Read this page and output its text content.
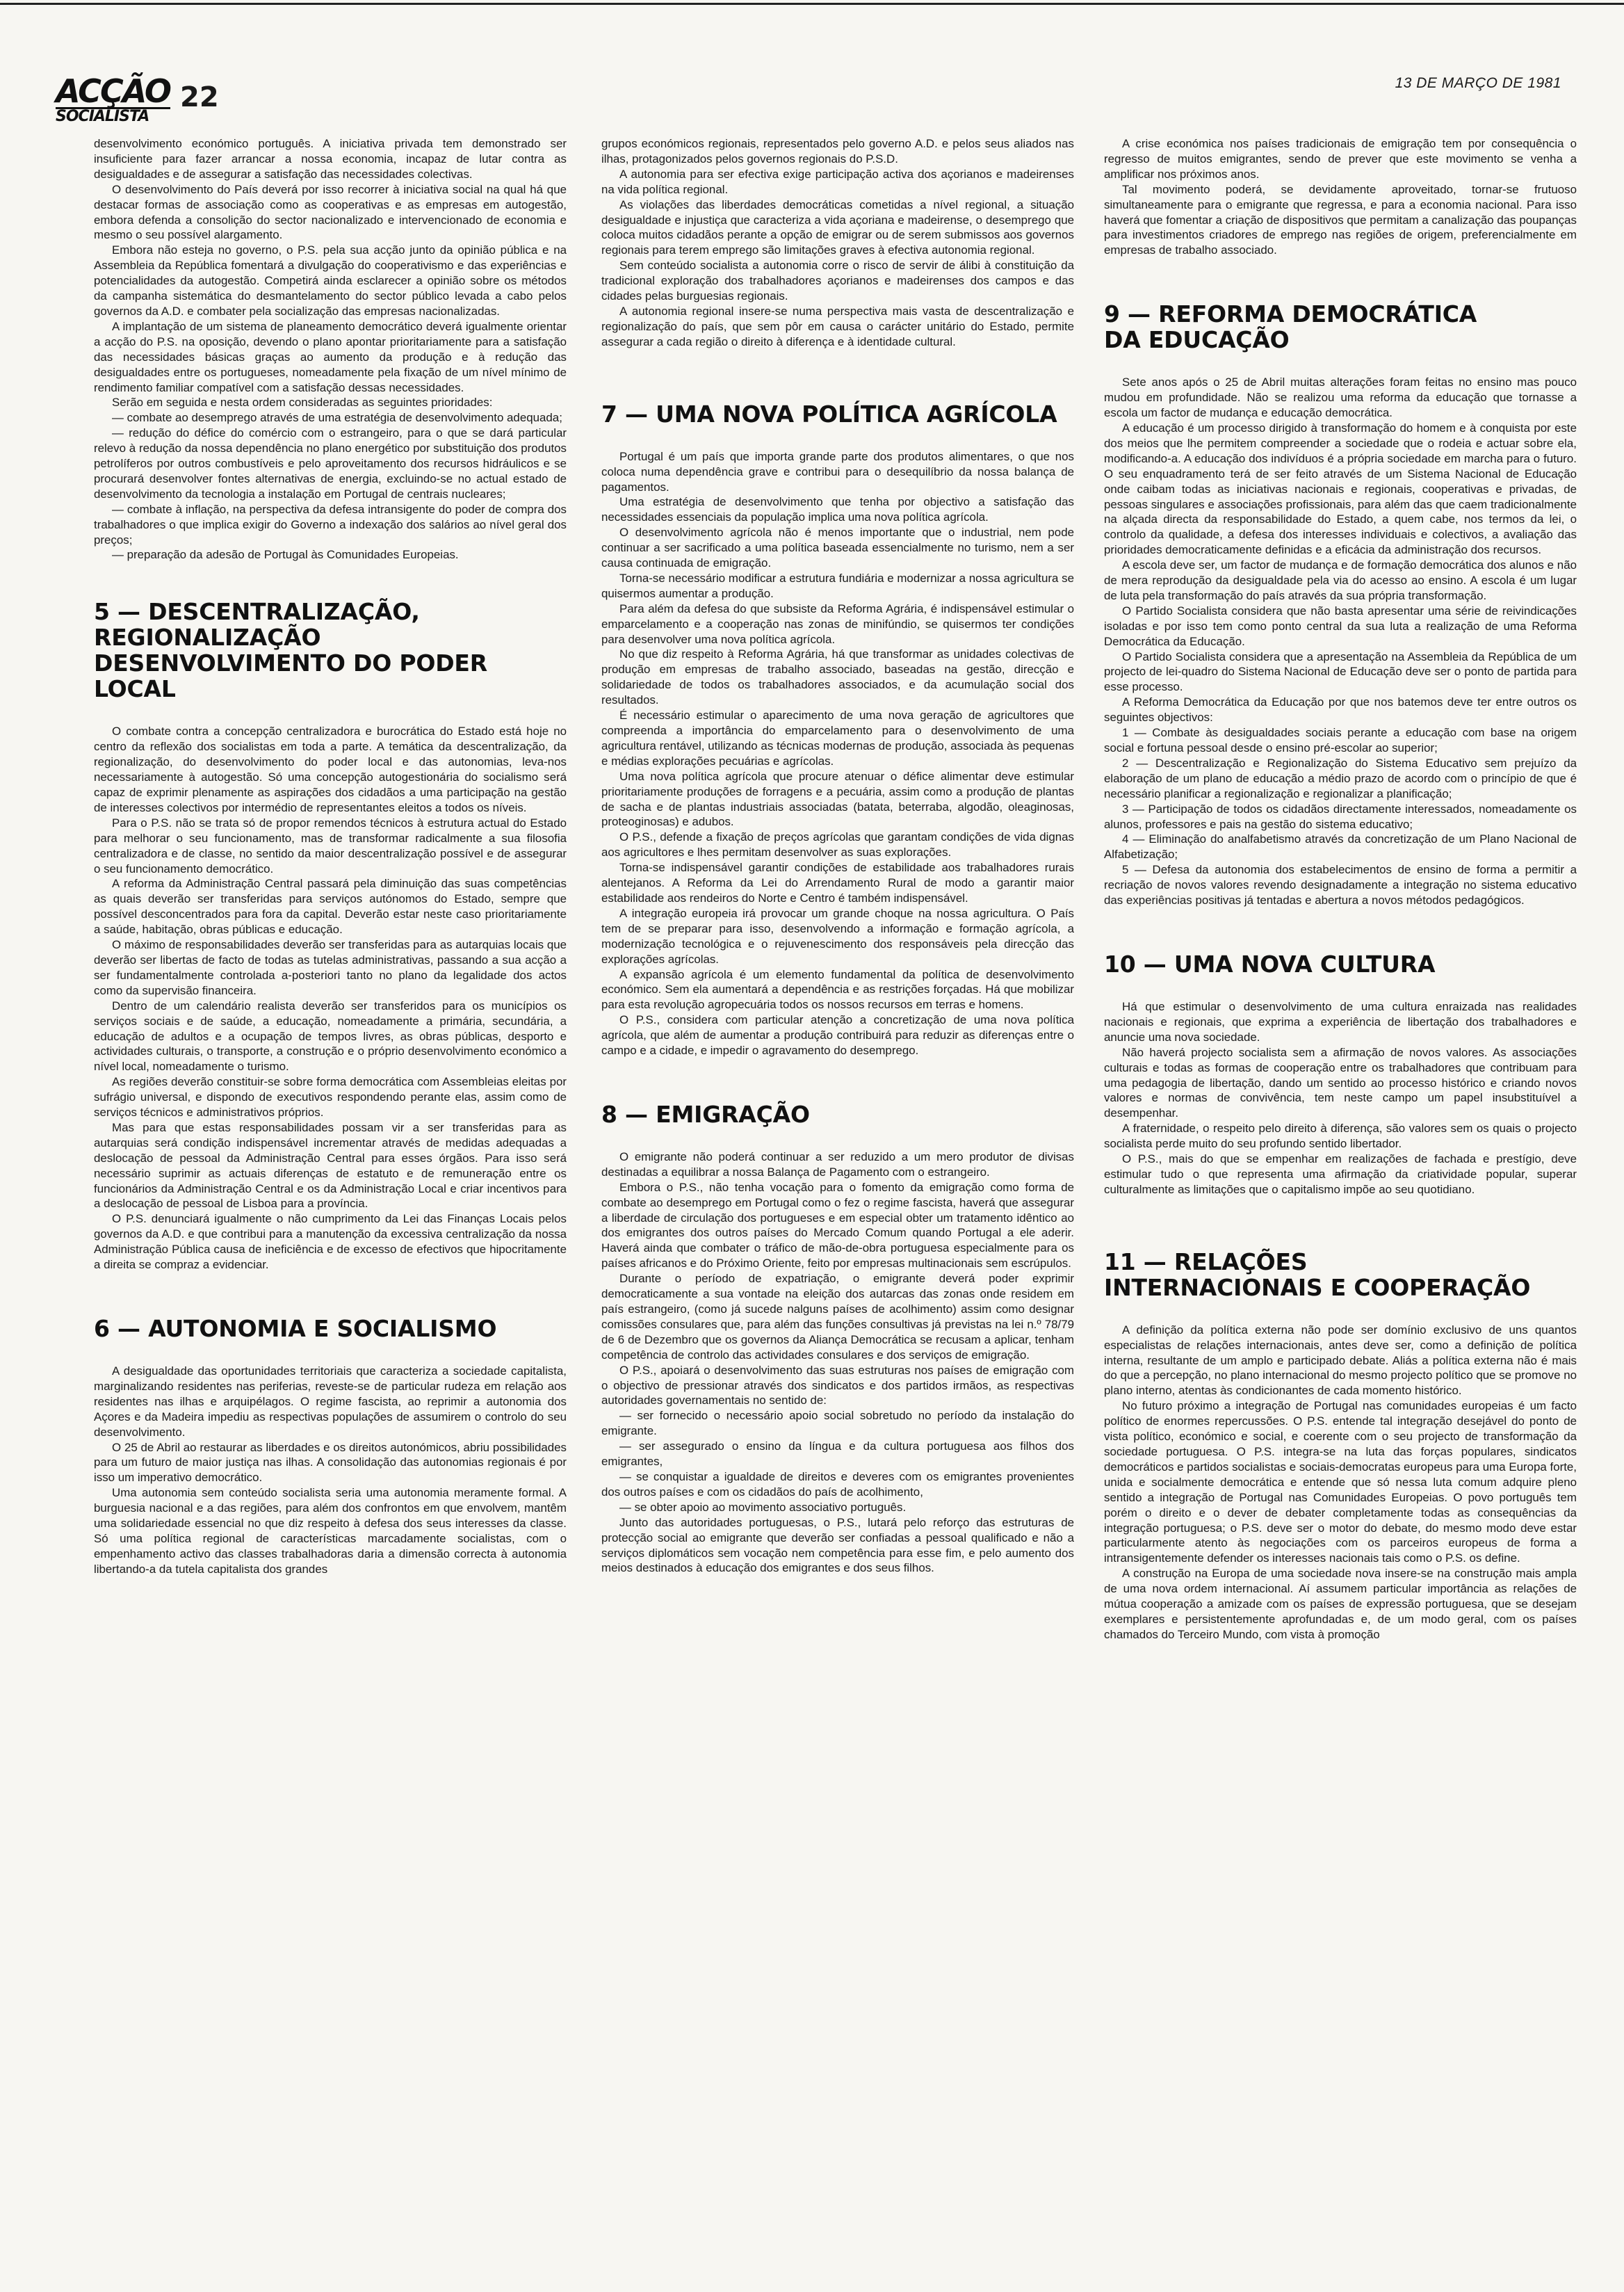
ACÇÃO
SOCIALISTA
22	13 DE MARÇO DE 1981

desenvolvimento económico português. A iniciativa privada tem demonstrado ser insuficiente para fazer arrancar a nossa economia, incapaz de lutar contra as desigualdades e de assegurar a satisfação das necessidades colectivas.

O desenvolvimento do País deverá por isso recorrer à iniciativa social na qual há que destacar formas de associação como as cooperativas e as empresas em autogestão, embora defenda a consolição do sector nacionalizado e intervencionado de economia e mesmo o seu possível alargamento.

Embora não esteja no governo, o P.S. pela sua acção junto da opinião pública e na Assembleia da República fomentará a divulgação do cooperativismo e das experiências e potencialidades da autogestão. Competirá ainda esclarecer a opinião sobre os métodos da campanha sistemática do desmantelamento do sector público levada a cabo pelos governos da A.D. e combater pela socialização das empresas nacionalizadas.

A implantação de um sistema de planeamento democrático deverá igualmente orientar a acção do P.S. na oposição, devendo o plano apontar prioritariamente para a satisfação das necessidades básicas graças ao aumento da produção e à redução das desigualdades entre os portugueses, nomeadamente pela fixação de um nível mínimo de rendimento familiar compatível com a satisfação dessas necessidades.

Serão em seguida e nesta ordem consideradas as seguintes prioridades:

— combate ao desemprego através de uma estratégia de desenvolvimento adequada;

— redução do défice do comércio com o estrangeiro, para o que se dará particular relevo à redução da nossa dependência no plano energético por substituição dos produtos petrolíferos por outros combustíveis e pelo aproveitamento dos recursos hidráulicos e se procurará desenvolver fontes alternativas de energia, excluindo-se no actual estado de desenvolvimento da tecnologia a instalação em Portugal de centrais nucleares;

— combate à inflação, na perspectiva da defesa intransigente do poder de compra dos trabalhadores o que implica exigir do Governo a indexação dos salários ao nível geral dos preços;

— preparação da adesão de Portugal às Comunidades Europeias.

5 — DESCENTRALIZAÇÃO,
REGIONALIZAÇÃO
DESENVOLVIMENTO DO PODER LOCAL

O combate contra a concepção centralizadora e burocrática do Estado está hoje no centro da reflexão dos socialistas em toda a parte. A temática da descentralização, da regionalização, do desenvolvimento do poder local e das autonomias, leva-nos necessariamente à autogestão. Só uma concepção autogestionária do socialismo será capaz de exprimir plenamente as aspirações dos cidadãos a uma participação na gestão de interesses colectivos por intermédio de representantes eleitos a todos os níveis.

Para o P.S. não se trata só de propor remendos técnicos à estrutura actual do Estado para melhorar o seu funcionamento, mas de transformar radicalmente a sua filosofia centralizadora e de classe, no sentido da maior descentralização possível e de assegurar o seu funcionamento democrático.

A reforma da Administração Central passará pela diminuição das suas competências as quais deverão ser transferidas para serviços autónomos do Estado, sempre que possível desconcentrados para fora da capital. Deverão estar neste caso prioritariamente a saúde, habitação, obras públicas e educação.

O máximo de responsabilidades deverão ser transferidas para as autarquias locais que deverão ser libertas de facto de todas as tutelas administrativas, passando a sua acção a ser fundamentalmente controlada a-posteriori tanto no plano da legalidade dos actos como da supervisão financeira.

Dentro de um calendário realista deverão ser transferidos para os municípios os serviços sociais e de saúde, a educação, nomeadamente a primária, secundária, a educação de adultos e a ocupação de tempos livres, as obras públicas, desporto e actividades culturais, o transporte, a construção e o próprio desenvolvimento económico a nível local, nomeadamente o turismo.

As regiões deverão constituir-se sobre forma democrática com Assembleias eleitas por sufrágio universal, e dispondo de executivos respondendo perante elas, assim como de serviços técnicos e administrativos próprios.

Mas para que estas responsabilidades possam vir a ser transferidas para as autarquias será condição indispensável incrementar através de medidas adequadas a deslocação de pessoal da Administração Central para esses órgãos. Para isso será necessário suprimir as actuais diferenças de estatuto e de remuneração entre os funcionários da Administração Central e os da Administração Local e criar incentivos para a deslocação de pessoal de Lisboa para a província.

O P.S. denunciará igualmente o não cumprimento da Lei das Finanças Locais pelos governos da A.D. e que contribui para a manutenção da excessiva centralização da nossa Administração Pública causa de ineficiência e de excesso de efectivos que hipocritamente a direita se compraz a evidenciar.

6 — AUTONOMIA E SOCIALISMO

A desigualdade das oportunidades territoriais que caracteriza a sociedade capitalista, marginalizando residentes nas periferias, reveste-se de particular rudeza em relação aos residentes nas ilhas e arquipélagos. O regime fascista, ao reprimir a autonomia dos Açores e da Madeira impediu as respectivas populações de assumirem o controlo do seu desenvolvimento.

O 25 de Abril ao restaurar as liberdades e os direitos autonómicos, abriu possibilidades para um futuro de maior justiça nas ilhas. A consolidação das autonomias regionais é por isso um imperativo democrático.

Uma autonomia sem conteúdo socialista seria uma autonomia meramente formal. A burguesia nacional e a das regiões, para além dos confrontos em que envolvem, mantêm uma solidariedade essencial no que diz respeito à defesa dos seus interesses da classe. Só uma política regional de características marcadamente socialistas, com o empenhamento activo das classes trabalhadoras daria a dimensão correcta à autonomia libertando-a da tutela capitalista dos grandes

grupos económicos regionais, representados pelo governo A.D. e pelos seus aliados nas ilhas, protagonizados pelos governos regionais do P.S.D.

A autonomia para ser efectiva exige participação activa dos açorianos e madeirenses na vida política regional.

As violações das liberdades democráticas cometidas a nível regional, a situação desigualdade e injustiça que caracteriza a vida açoriana e madeirense, o desemprego que coloca muitos cidadãos perante a opção de emigrar ou de serem submissos aos governos regionais para terem emprego são limitações graves à efectiva autonomia regional.

Sem conteúdo socialista a autonomia corre o risco de servir de álibi à constituição da tradicional exploração dos trabalhadores açorianos e madeirenses dos campos e das cidades pelas burguesias regionais.

A autonomia regional insere-se numa perspectiva mais vasta de descentralização e regionalização do país, que sem pôr em causa o carácter unitário do Estado, permite assegurar a cada região o direito à diferença e à identidade cultural.

7 — UMA NOVA POLÍTICA AGRÍCOLA

Portugal é um país que importa grande parte dos produtos alimentares, o que nos coloca numa dependência grave e contribui para o desequilíbrio da nossa balança de pagamentos.

Uma estratégia de desenvolvimento que tenha por objectivo a satisfação das necessidades essenciais da população implica uma nova política agrícola.

O desenvolvimento agrícola não é menos importante que o industrial, nem pode continuar a ser sacrificado a uma política baseada essencialmente no turismo, nem a ser causa continuada de emigração.

Torna-se necessário modificar a estrutura fundiária e modernizar a nossa agricultura se quisermos aumentar a produção.

Para além da defesa do que subsiste da Reforma Agrária, é indispensável estimular o emparcelamento e a cooperação nas zonas de minifúndio, se quisermos ter condições para desenvolver uma nova política agrícola.

No que diz respeito à Reforma Agrária, há que transformar as unidades colectivas de produção em empresas de trabalho associado, baseadas na gestão, direcção e solidariedade de todos os trabalhadores associados, e da acumulação social dos resultados.

É necessário estimular o aparecimento de uma nova geração de agricultores que compreenda a importância do emparcelamento para o desenvolvimento de uma agricultura rentável, utilizando as técnicas modernas de produção, associada às pequenas e médias explorações pecuárias e agrícolas.

Uma nova política agrícola que procure atenuar o défice alimentar deve estimular prioritariamente produções de forragens e a pecuária, assim como a produção de plantas de sacha e de plantas industriais associadas (batata, beterraba, algodão, oleaginosas, proteoginosas) e adubos.

O P.S., defende a fixação de preços agrícolas que garantam condições de vida dignas aos agricultores e lhes permitam desenvolver as suas explorações.

Torna-se indispensável garantir condições de estabilidade aos trabalhadores rurais alentejanos. A Reforma da Lei do Arrendamento Rural de modo a garantir maior estabilidade aos rendeiros do Norte e Centro é também indispensável.

A integração europeia irá provocar um grande choque na nossa agricultura. O País tem de se preparar para isso, desenvolvendo a informação e formação agrícola, a modernização tecnológica e o rejuvenescimento dos responsáveis pela direcção das explorações agrícolas.

A expansão agrícola é um elemento fundamental da política de desenvolvimento económico. Sem ela aumentará a dependência e as restrições forçadas. Há que mobilizar para esta revolução agropecuária todos os nossos recursos em terras e homens.

O P.S., considera com particular atenção a concretização de uma nova política agrícola, que além de aumentar a produção contribuirá para reduzir as diferenças entre o campo e a cidade, e impedir o agravamento do desemprego.

8 — EMIGRAÇÃO

O emigrante não poderá continuar a ser reduzido a um mero produtor de divisas destinadas a equilibrar a nossa Balança de Pagamento com o estrangeiro.

Embora o P.S., não tenha vocação para o fomento da emigração como forma de combate ao desemprego em Portugal como o fez o regime fascista, haverá que assegurar a liberdade de circulação dos portugueses e em especial obter um tratamento idêntico ao dos emigrantes dos outros países do Mercado Comum quando Portugal a ele aderir. Haverá ainda que combater o tráfico de mão-de-obra portuguesa especialmente para os países africanos e do Próximo Oriente, feito por empresas multinacionais sem escrúpulos.

Durante o período de expatriação, o emigrante deverá poder exprimir democraticamente a sua vontade na eleição dos autarcas das zonas onde residem em país estrangeiro, (como já sucede nalguns países de acolhimento) assim como designar comissões consulares que, para além das funções consultivas já previstas na lei n.º 78/79 de 6 de Dezembro que os governos da Aliança Democrática se recusam a aplicar, tenham competência de controlo das actividades consulares e dos serviços de emigração.

O P.S., apoiará o desenvolvimento das suas estruturas nos países de emigração com o objectivo de pressionar através dos sindicatos e dos partidos irmãos, as respectivas autoridades governamentais no sentido de:

— ser fornecido o necessário apoio social sobretudo no período da instalação do emigrante.

— ser assegurado o ensino da língua e da cultura portuguesa aos filhos dos emigrantes,

— se conquistar a igualdade de direitos e deveres com os emigrantes provenientes dos outros países e com os cidadãos do país de acolhimento,

— se obter apoio ao movimento associativo português.

Junto das autoridades portuguesas, o P.S., lutará pelo reforço das estruturas de protecção social ao emigrante que deverão ser confiadas a pessoal qualificado e não a serviços diplomáticos sem vocação nem competência para esse fim, e pelo aumento dos meios destinados à educação dos emigrantes e dos seus filhos.

A crise económica nos países tradicionais de emigração tem por consequência o regresso de muitos emigrantes, sendo de prever que este movimento se venha a amplificar nos próximos anos.

Tal movimento poderá, se devidamente aproveitado, tornar-se frutuoso simultaneamente para o emigrante que regressa, e para a economia nacional. Para isso haverá que fomentar a criação de dispositivos que permitam a canalização das poupanças para investimentos criadores de emprego nas regiões de origem, preferencialmente em empresas de trabalho associado.

9 — REFORMA DEMOCRÁTICA
DA EDUCAÇÃO

Sete anos após o 25 de Abril muitas alterações foram feitas no ensino mas pouco mudou em profundidade. Não se realizou uma reforma da educação que tornasse a escola um factor de mudança e educação democrática.

A educação é um processo dirigido à transformação do homem e à conquista por este dos meios que lhe permitem compreender a sociedade que o rodeia e actuar sobre ela, modificando-a. A educação dos indivíduos é a própria sociedade em marcha para o futuro. O seu enquadramento terá de ser feito através de um Sistema Nacional de Educação onde caibam todas as iniciativas nacionais e regionais, cooperativas e privadas, de pessoas singulares e associações profissionais, para além das que caem tradicionalmente na alçada directa da responsabilidade do Estado, a quem cabe, nos termos da lei, o controlo da qualidade, a defesa dos interesses individuais e colectivos, a avaliação das prioridades democraticamente definidas e a eficácia da administração dos recursos.

A escola deve ser, um factor de mudança e de formação democrática dos alunos e não de mera reprodução da desigualdade pela via do acesso ao ensino. A escola é um lugar de luta pela transformação do país através da sua própria transformação.

O Partido Socialista considera que não basta apresentar uma série de reivindicações isoladas e por isso tem como ponto central da sua luta a realização de uma Reforma Democrática da Educação.

O Partido Socialista considera que a apresentação na Assembleia da República de um projecto de lei-quadro do Sistema Nacional de Educação deve ser o ponto de partida para esse processo.

A Reforma Democrática da Educação por que nos batemos deve ter entre outros os seguintes objectivos:

1 — Combate às desigualdades sociais perante a educação com base na origem social e fortuna pessoal desde o ensino pré-escolar ao superior;

2 — Descentralização e Regionalização do Sistema Educativo sem prejuízo da elaboração de um plano de educação a médio prazo de acordo com o princípio de que é necessário planificar a regionalização e regionalizar a planificação;

3 — Participação de todos os cidadãos directamente interessados, nomeadamente os alunos, professores e pais na gestão do sistema educativo;

4 — Eliminação do analfabetismo através da concretização de um Plano Nacional de Alfabetização;

5 — Defesa da autonomia dos estabelecimentos de ensino de forma a permitir a recriação de novos valores revendo designadamente a integração no sistema educativo das experiências positivas já tentadas e abertura a novos métodos pedagógicos.

10 — UMA NOVA CULTURA

Há que estimular o desenvolvimento de uma cultura enraizada nas realidades nacionais e regionais, que exprima a experiência de libertação dos trabalhadores e anuncie uma nova sociedade.

Não haverá projecto socialista sem a afirmação de novos valores. As associações culturais e todas as formas de cooperação entre os trabalhadores que contribuam para uma pedagogia de libertação, dando um sentido ao processo histórico e criando novos valores e normas de convivência, tem neste campo um papel insubstituível a desempenhar.

A fraternidade, o respeito pelo direito à diferença, são valores sem os quais o projecto socialista perde muito do seu profundo sentido libertador.

O P.S., mais do que se empenhar em realizações de fachada e prestígio, deve estimular tudo o que representa uma afirmação da criatividade popular, superar culturalmente as limitações que o capitalismo impõe ao seu quotidiano.

11 — RELAÇÕES
INTERNACIONAIS E COOPERAÇÃO

A definição da política externa não pode ser domínio exclusivo de uns quantos especialistas de relações internacionais, antes deve ser, como a definição de política interna, resultante de um amplo e participado debate. Aliás a política externa não é mais do que a percepção, no plano internacional do mesmo projecto político que se promove no plano interno, atentas às condicionantes de cada momento histórico.

No futuro próximo a integração de Portugal nas comunidades europeias é um facto político de enormes repercussões. O P.S. entende tal integração desejável do ponto de vista político, económico e social, e coerente com o seu projecto de transformação da sociedade portuguesa. O P.S. integra-se na luta das forças populares, sindicatos democráticos e partidos socialistas e sociais-democratas europeus para uma Europa forte, unida e socialmente democrática e entende que só nessa luta comum adquire pleno sentido a integração de Portugal nas Comunidades Europeias. O povo português tem porém o direito e o dever de debater completamente todas as consequências da integração portuguesa; o P.S. deve ser o motor do debate, do mesmo modo deve estar particularmente atento às negociações com os parceiros europeus de forma a intransigentemente defender os interesses nacionais tais como o P.S. os define.

A construção na Europa de uma sociedade nova insere-se na construção mais ampla de uma nova ordem internacional. Aí assumem particular importância as relações de mútua cooperação a amizade com os países de expressão portuguesa, que se desejam exemplares e persistentemente aprofundadas e, de um modo geral, com os países chamados do Terceiro Mundo, com vista à promoção
